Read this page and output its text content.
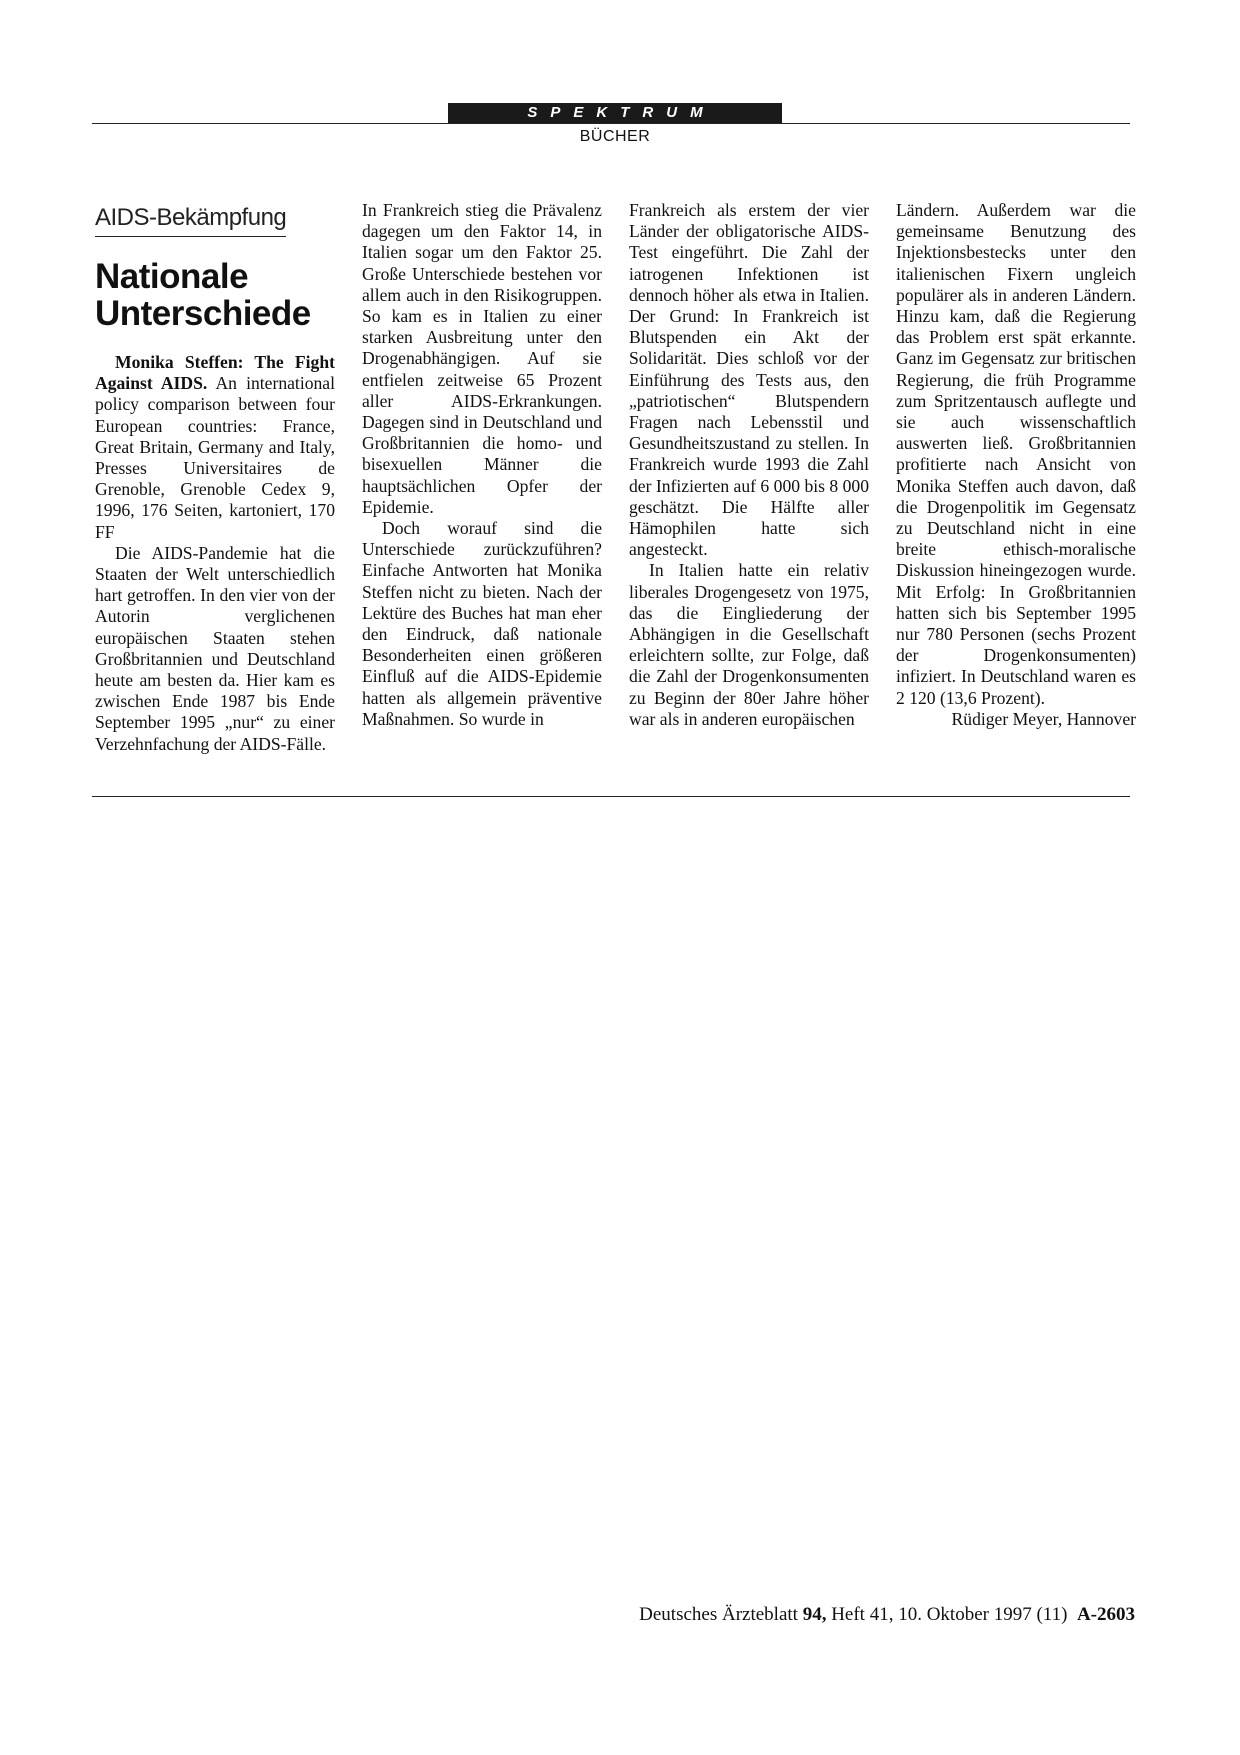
SPEKTRUM
BÜCHER
AIDS-Bekämpfung
Nationale Unterschiede

Monika Steffen: The Fight Against AIDS. An international policy comparison between four European countries: France, Great Britain, Germany and Italy, Presses Universitaires de Grenoble, Grenoble Cedex 9, 1996, 176 Seiten, kartoniert, 170 FF

Die AIDS-Pandemie hat die Staaten der Welt unterschiedlich hart getroffen. In den vier von der Autorin verglichenen europäischen Staaten stehen Großbritannien und Deutschland heute am besten da. Hier kam es zwischen Ende 1987 bis Ende September 1995 „nur“ zu einer Verzehnfachung der AIDS-Fälle.

In Frankreich stieg die Prävalenz dagegen um den Faktor 14, in Italien sogar um den Faktor 25. Große Unterschiede bestehen vor allem auch in den Risikogruppen. So kam es in Italien zu einer starken Ausbreitung unter den Drogenabhängigen. Auf sie entfielen zeitweise 65 Prozent aller AIDS-Erkrankungen. Dagegen sind in Deutschland und Großbritannien die homo- und bisexuellen Männer die hauptsächlichen Opfer der Epidemie.

Doch worauf sind die Unterschiede zurückzuführen? Einfache Antworten hat Monika Steffen nicht zu bieten. Nach der Lektüre des Buches hat man eher den Eindruck, daß nationale Besonderheiten einen größeren Einfluß auf die AIDS-Epidemie hatten als allgemein präventive Maßnahmen. So wurde in

Frankreich als erstem der vier Länder der obligatorische AIDS-Test eingeführt. Die Zahl der iatrogenen Infektionen ist dennoch höher als etwa in Italien. Der Grund: In Frankreich ist Blutspenden ein Akt der Solidarität. Dies schloß vor der Einführung des Tests aus, den „patriotischen“ Blutspendern Fragen nach Lebensstil und Gesundheitszustand zu stellen. In Frankreich wurde 1993 die Zahl der Infizierten auf 6 000 bis 8 000 geschätzt. Die Hälfte aller Hämophilen hatte sich angesteckt.

In Italien hatte ein relativ liberales Drogengesetz von 1975, das die Eingliederung der Abhängigen in die Gesellschaft erleichtern sollte, zur Folge, daß die Zahl der Drogenkonsumenten zu Beginn der 80er Jahre höher war als in anderen europäischen

Ländern. Außerdem war die gemeinsame Benutzung des Injektionsbestecks unter den italienischen Fixern ungleich populärer als in anderen Ländern. Hinzu kam, daß die Regierung das Problem erst spät erkannte. Ganz im Gegensatz zur britischen Regierung, die früh Programme zum Spritzentausch auflegte und sie auch wissenschaftlich auswerten ließ. Großbritannien profitierte nach Ansicht von Monika Steffen auch davon, daß die Drogenpolitik im Gegensatz zu Deutschland nicht in eine breite ethisch-moralische Diskussion hineingezogen wurde. Mit Erfolg: In Großbritannien hatten sich bis September 1995 nur 780 Personen (sechs Prozent der Drogenkonsumenten) infiziert. In Deutschland waren es 2 120 (13,6 Prozent).

Rüdiger Meyer, Hannover

Deutsches Ärzteblatt 94, Heft 41, 10. Oktober 1997 (11) A-2603
